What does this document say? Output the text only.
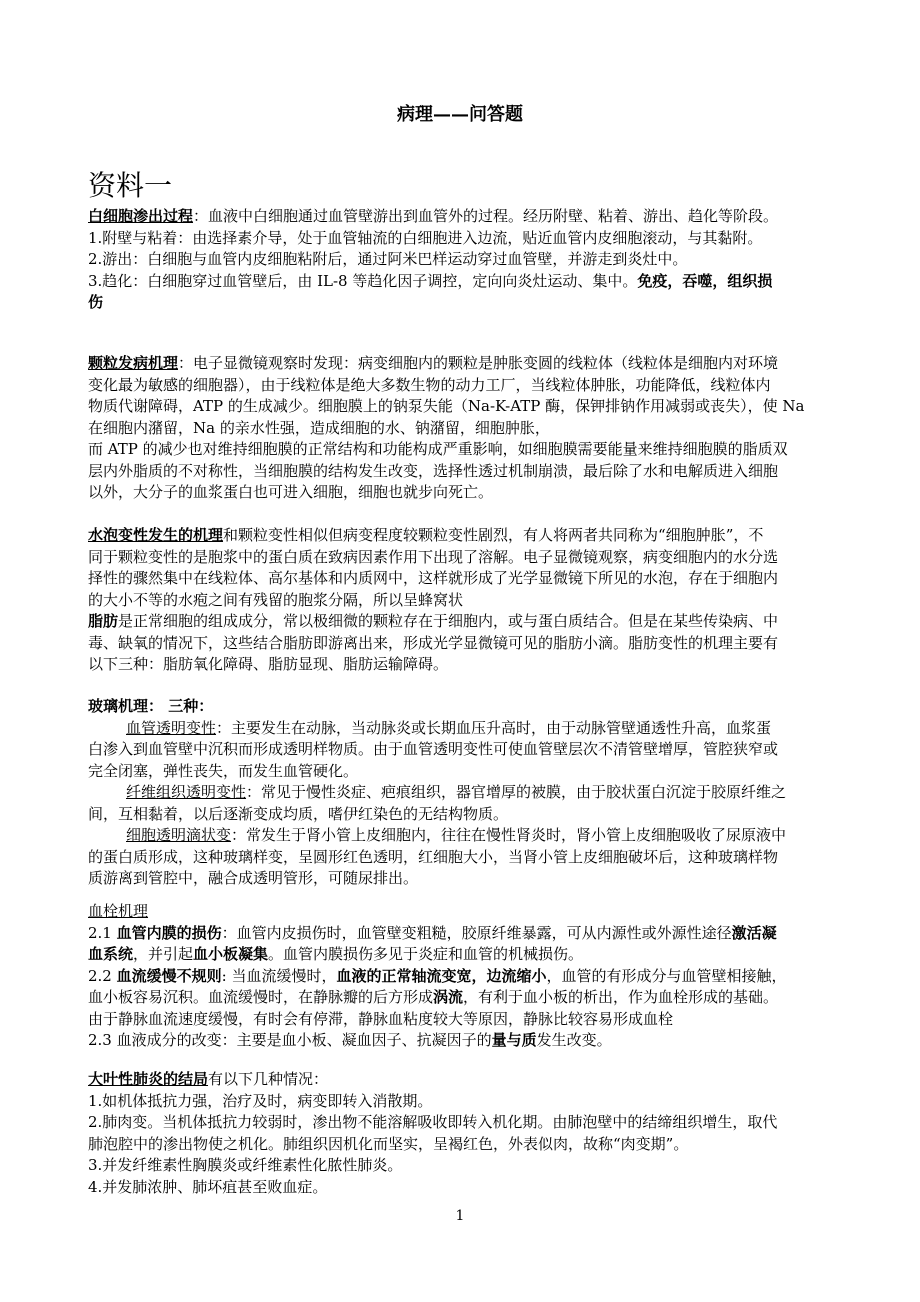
病理——问答题
资料一
白细胞渗出过程：血液中白细胞通过血管壁游出到血管外的过程。经历附壁、粘着、游出、趋化等阶段。
1.附壁与粘着：由选择素介导，处于血管轴流的白细胞进入边流，贴近血管内皮细胞滚动，与其黏附。
2.游出：白细胞与血管内皮细胞粘附后，通过阿米巴样运动穿过血管壁，并游走到炎灶中。
3.趋化：白细胞穿过血管壁后，由 IL-8 等趋化因子调控，定向向炎灶运动、集中。免疫，吞噬，组织损
伤
颗粒发病机理：电子显微镜观察时发现：病变细胞内的颗粒是肿胀变圆的线粒体（线粒体是细胞内对环境
变化最为敏感的细胞器），由于线粒体是绝大多数生物的动力工厂，当线粒体肿胀，功能降低，线粒体内
物质代谢障碍，ATP 的生成减少。细胞膜上的钠泵失能（Na-K-ATP 酶，保钾排钠作用减弱或丧失），使 Na
在细胞内潴留，Na 的亲水性强，造成细胞的水、钠潴留，细胞肿胀，
而 ATP 的减少也对维持细胞膜的正常结构和功能构成严重影响，如细胞膜需要能量来维持细胞膜的脂质双
层内外脂质的不对称性，当细胞膜的结构发生改变，选择性透过机制崩溃，最后除了水和电解质进入细胞
以外，大分子的血浆蛋白也可进入细胞，细胞也就步向死亡。
水泡变性发生的机理和颗粒变性相似但病变程度较颗粒变性剧烈，有人将两者共同称为“细胞肿胀”，不
同于颗粒变性的是胞浆中的蛋白质在致病因素作用下出现了溶解。电子显微镜观察，病变细胞内的水分选
择性的骤然集中在线粒体、高尔基体和内质网中，这样就形成了光学显微镜下所见的水泡，存在于细胞内
的大小不等的水疱之间有残留的胞浆分隔，所以呈蜂窝状
脂肪是正常细胞的组成成分，常以极细微的颗粒存在于细胞内，或与蛋白质结合。但是在某些传染病、中
毒、缺氧的情况下，这些结合脂肪即游离出来，形成光学显微镜可见的脂肪小滴。脂肪变性的机理主要有
以下三种：脂肪氧化障碍、脂肪显现、脂肪运输障碍。
玻璃机理： 三种：
血管透明变性：主要发生在动脉，当动脉炎或长期血压升高时，由于动脉管壁通透性升高，血浆蛋
白渗入到血管壁中沉积而形成透明样物质。由于血管透明变性可使血管壁层次不清管壁增厚，管腔狭窄或
完全闭塞，弹性丧失，而发生血管硬化。
纤维组织透明变性：常见于慢性炎症、疤痕组织，器官增厚的被膜，由于胶状蛋白沉淀于胶原纤维之
间，互相黏着，以后逐渐变成均质，嗜伊红染色的无结构物质。
细胞透明滴状变：常发生于肾小管上皮细胞内，往往在慢性肾炎时，肾小管上皮细胞吸收了尿原液中
的蛋白质形成，这种玻璃样变，呈圆形红色透明，红细胞大小，当肾小管上皮细胞破坏后，这种玻璃样物
质游离到管腔中，融合成透明管形，可随尿排出。
血栓机理
2.1 血管内膜的损伤：血管内皮损伤时，血管壁变粗糙，胶原纤维暴露，可从内源性或外源性途径激活凝
血系统，并引起血小板凝集。血管内膜损伤多见于炎症和血管的机械损伤。
2.2 血流缓慢不规则: 当血流缓慢时，血液的正常轴流变宽，边流缩小，血管的有形成分与血管壁相接触，
血小板容易沉积。血流缓慢时，在静脉瓣的后方形成涡流，有利于血小板的析出，作为血栓形成的基础。
由于静脉血流速度缓慢，有时会有停滞，静脉血粘度较大等原因，静脉比较容易形成血栓
2.3 血液成分的改变：主要是血小板、凝血因子、抗凝因子的量与质发生改变。
大叶性肺炎的结局有以下几种情况：
1.如机体抵抗力强，治疗及时，病变即转入消散期。
2.肺肉变。当机体抵抗力较弱时，渗出物不能溶解吸收即转入机化期。由肺泡壁中的结缔组织增生，取代
肺泡腔中的渗出物使之机化。肺组织因机化而坚实，呈褐红色，外表似肉，故称“肉变期”。
3.并发纤维素性胸膜炎或纤维素性化脓性肺炎。
4.并发肺浓肿、肺坏疽甚至败血症。
1
